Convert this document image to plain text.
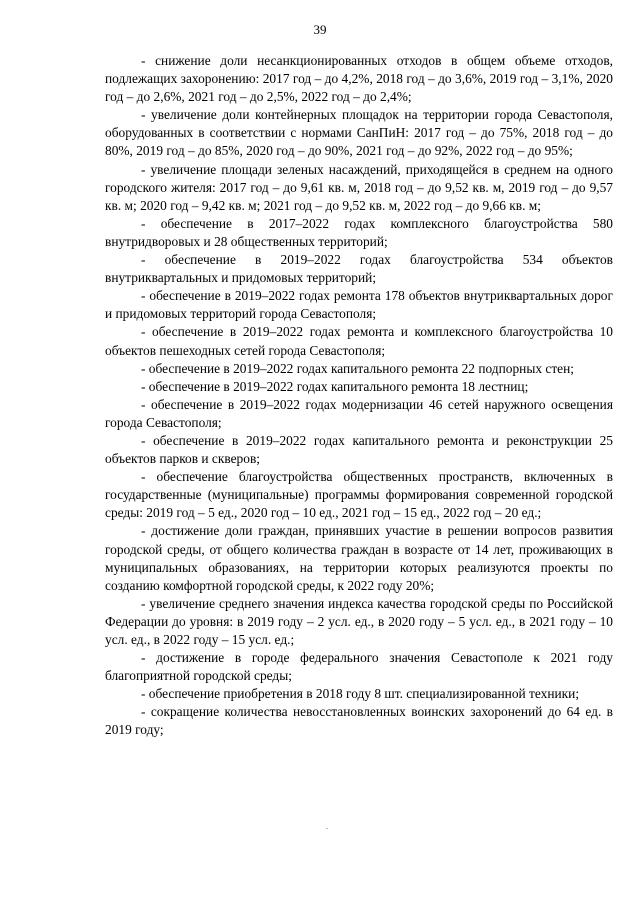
39

- снижение доли несанкционированных отходов в общем объеме отходов, подлежащих захоронению: 2017 год – до 4,2%, 2018 год – до 3,6%, 2019 год – 3,1%, 2020 год – до 2,6%, 2021 год – до 2,5%, 2022 год – до 2,4%;

- увеличение доли контейнерных площадок на территории города Севастополя, оборудованных в соответствии с нормами СанПиН: 2017 год – до 75%, 2018 год – до 80%, 2019 год – до 85%, 2020 год – до 90%, 2021 год – до 92%, 2022 год – до 95%;

- увеличение площади зеленых насаждений, приходящейся в среднем на одного городского жителя: 2017 год – до 9,61 кв. м, 2018 год – до 9,52 кв. м, 2019 год – до 9,57 кв. м; 2020 год – 9,42 кв. м; 2021 год – до 9,52 кв. м, 2022 год – до 9,66 кв. м;

- обеспечение в 2017–2022 годах комплексного благоустройства 580 внутридворовых и 28 общественных территорий;

- обеспечение в 2019–2022 годах благоустройства 534 объектов внутриквартальных и придомовых территорий;

- обеспечение в 2019–2022 годах ремонта 178 объектов внутриквартальных дорог и придомовых территорий города Севастополя;

- обеспечение в 2019–2022 годах ремонта и комплексного благоустройства 10 объектов пешеходных сетей города Севастополя;

- обеспечение в 2019–2022 годах капитального ремонта 22 подпорных стен;

- обеспечение в 2019–2022 годах капитального ремонта 18 лестниц;

- обеспечение в 2019–2022 годах модернизации 46 сетей наружного освещения города Севастополя;

- обеспечение в 2019–2022 годах капитального ремонта и реконструкции 25 объектов парков и скверов;

- обеспечение благоустройства общественных пространств, включенных в государственные (муниципальные) программы формирования современной городской среды: 2019 год – 5 ед., 2020 год – 10 ед., 2021 год – 15 ед., 2022 год – 20 ед.;

- достижение доли граждан, принявших участие в решении вопросов развития городской среды, от общего количества граждан в возрасте от 14 лет, проживающих в муниципальных образованиях, на территории которых реализуются проекты по созданию комфортной городской среды, к 2022 году 20%;

- увеличение среднего значения индекса качества городской среды по Российской Федерации до уровня: в 2019 году – 2 усл. ед., в 2020 году – 5 усл. ед., в 2021 году – 10 усл. ед., в 2022 году – 15 усл. ед.;

- достижение в городе федерального значения Севастополе к 2021 году благоприятной городской среды;

- обеспечение приобретения в 2018 году 8 шт. специализированной техники;

- сокращение количества невосстановленных воинских захоронений до 64 ед. в 2019 году;
